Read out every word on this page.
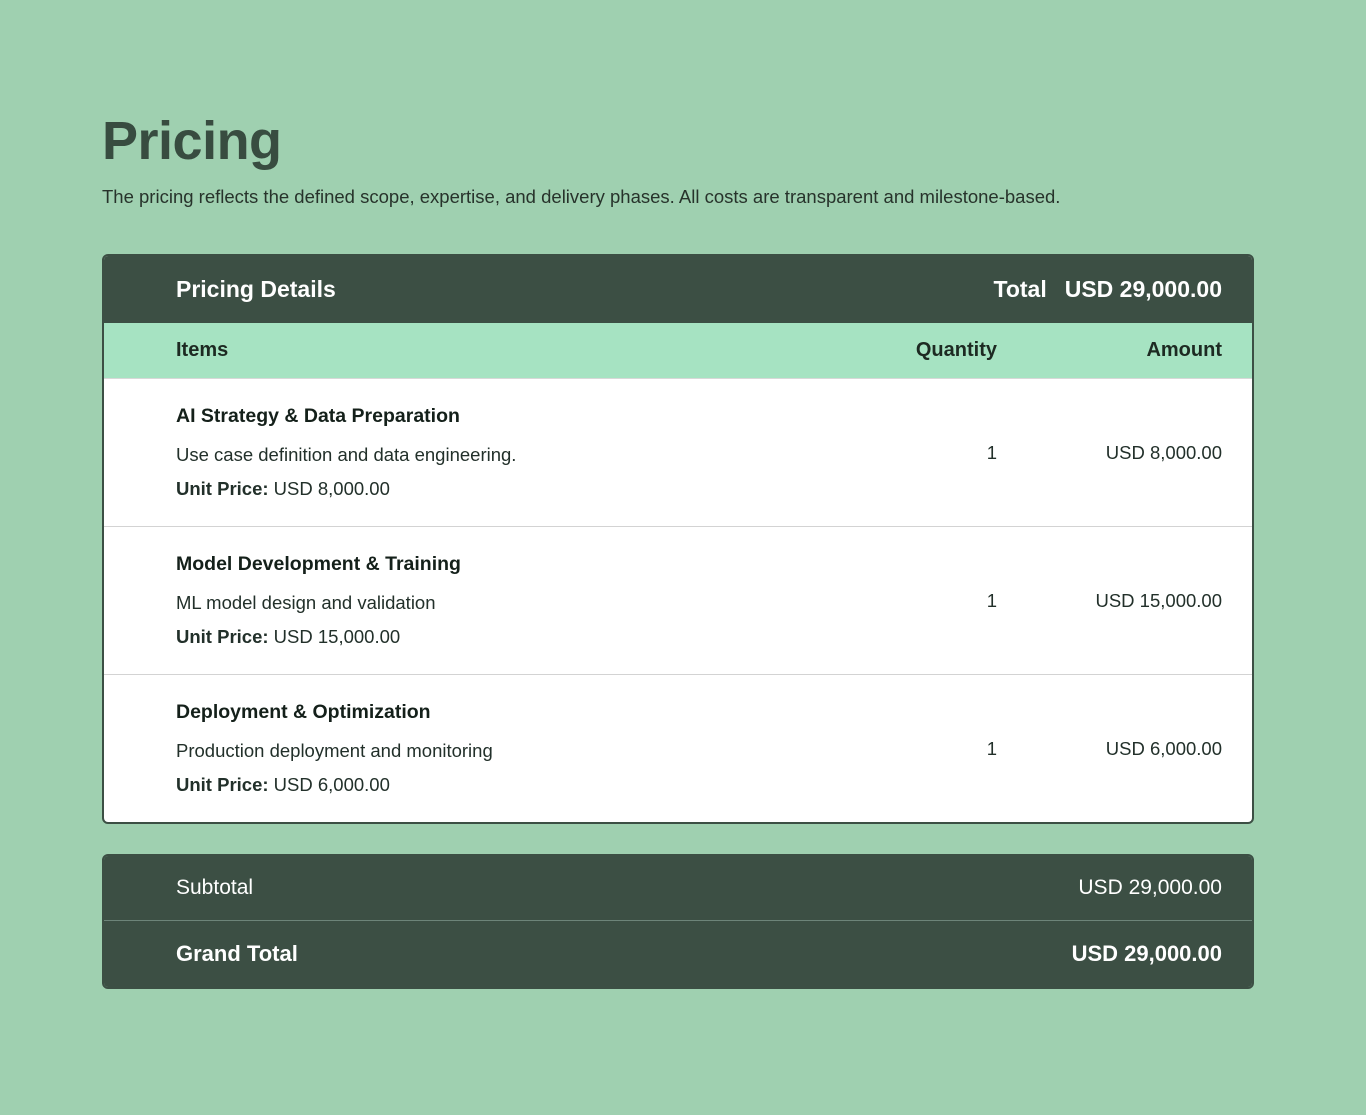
Pricing

The pricing reflects the defined scope, expertise, and delivery phases. All costs are transparent and milestone-based.

Pricing Details	Total USD 29,000.00
Items	Quantity	Amount
AI Strategy & Data Preparation
Use case definition and data engineering.
Unit Price: USD 8,000.00
1	USD 8,000.00
Model Development & Training
ML model design and validation
Unit Price: USD 15,000.00
1	USD 15,000.00
Deployment & Optimization
Production deployment and monitoring
Unit Price: USD 6,000.00
1	USD 6,000.00
Subtotal	USD 29,000.00
Grand Total	USD 29,000.00
